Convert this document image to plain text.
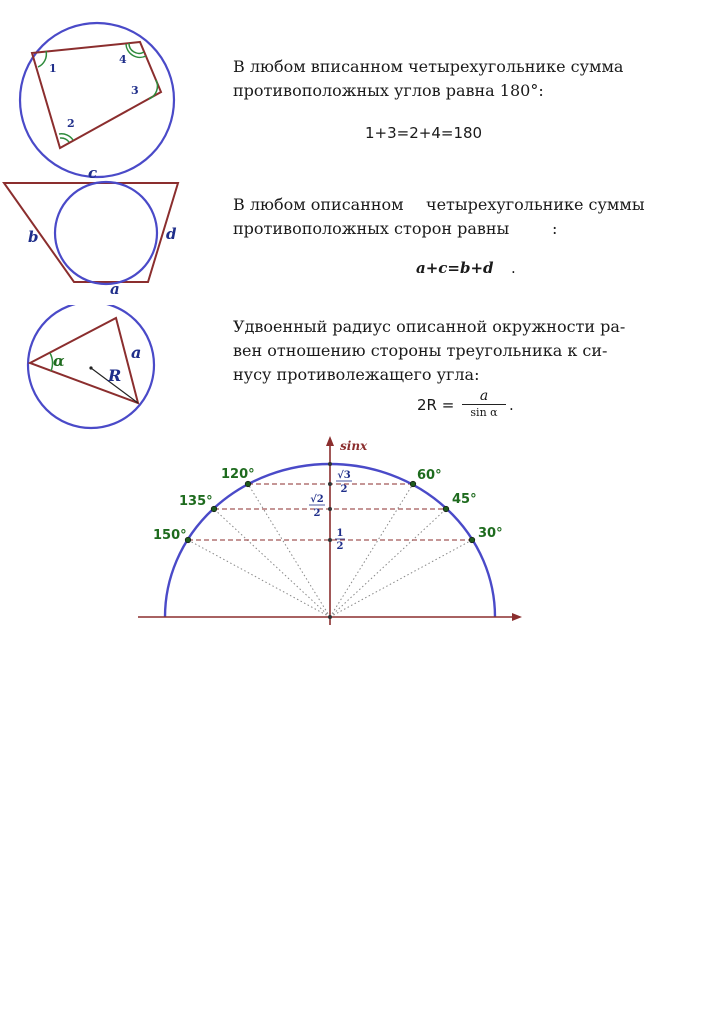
1
2
3
4	В любом вписанном четырехугольнике сумма
противоположных углов равна 180°:
1+3=2+4=180
c
b	d
a
В любом описанном четырехугольнике суммы
противоположных сторон равны	:
a+c=b+d .
α	a
R
Удвоенный радиус описанной окружности ра-
вен отношению стороны треугольника к си-
нусу противолежащего угла:
2R =	a
sin α .
sinx
30°
45°
60°
120°
135°
150°	1
2
√2
2
√3
2
